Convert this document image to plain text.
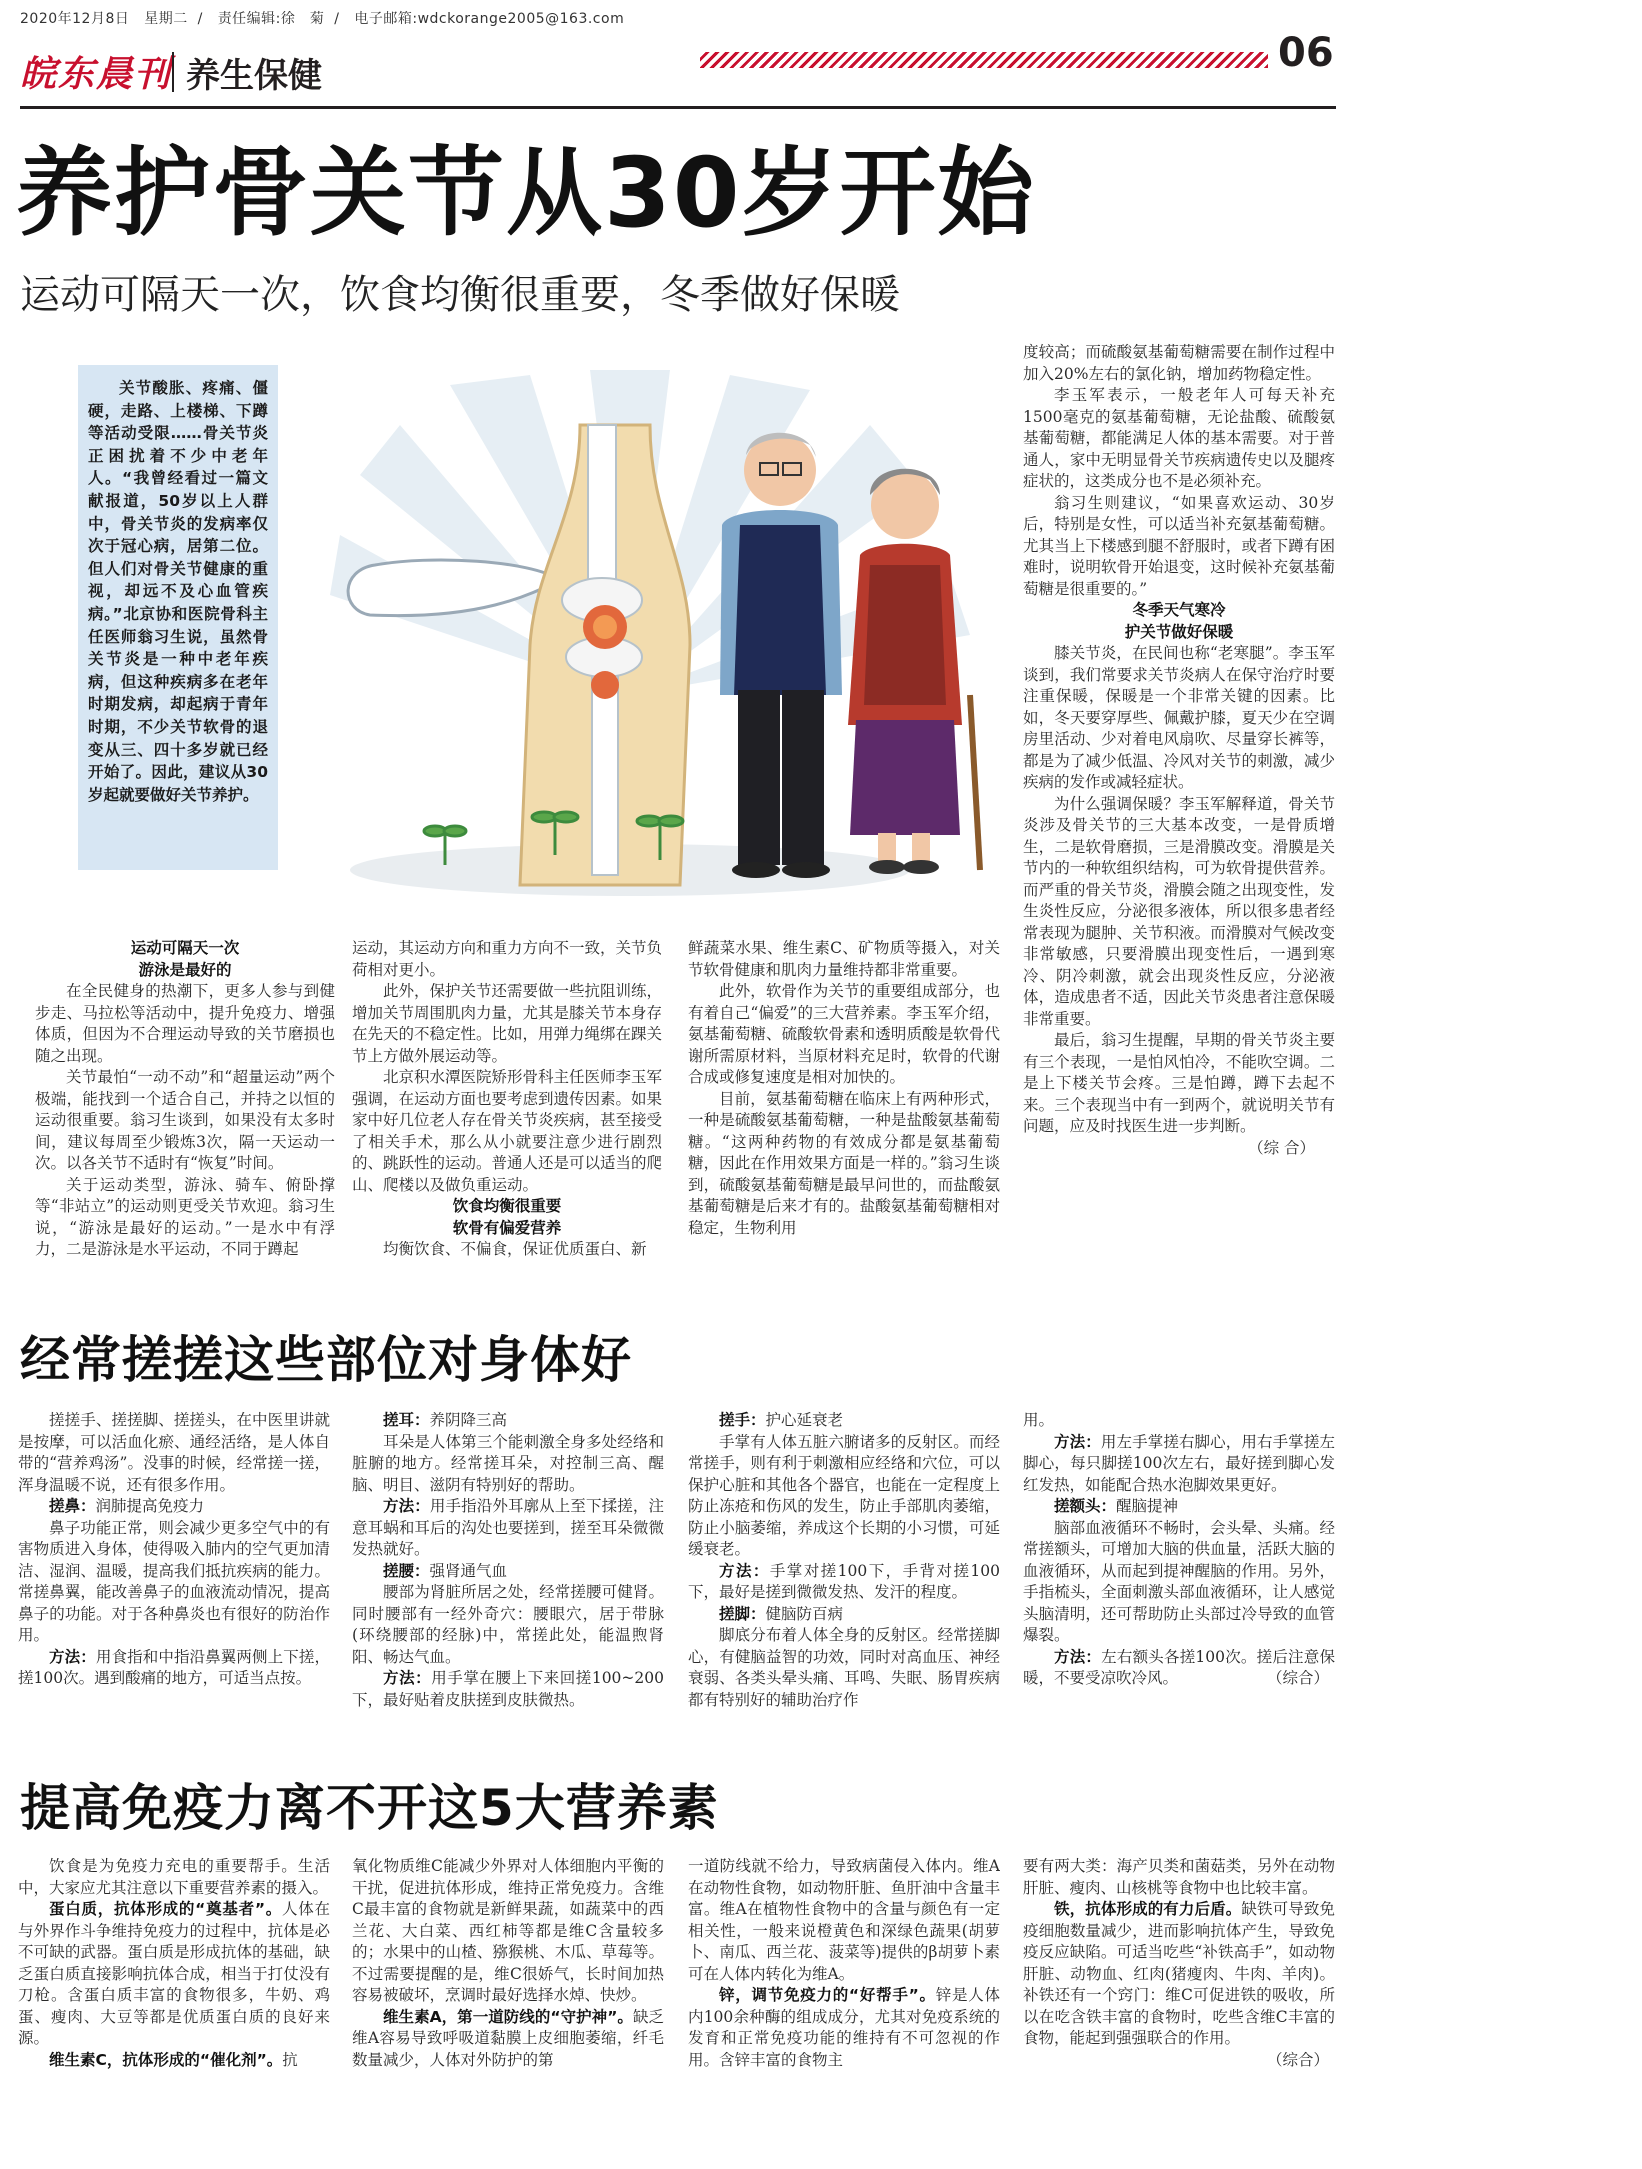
2020年12月8日 星期二  /   责任编辑:徐　菊  /   电子邮箱:wdckorange2005@163.com
皖东晨刊 养生保健	06
养护骨关节从30岁开始
运动可隔天一次，饮食均衡很重要，冬季做好保暖

关节酸胀、疼痛、僵硬，走路、上楼梯、下蹲等活动受限……骨关节炎正困扰着不少中老年人。“我曾经看过一篇文献报道，50岁以上人群中，骨关节炎的发病率仅次于冠心病，居第二位。但人们对骨关节健康的重视，却远不及心血管疾病。”北京协和医院骨科主任医师翁习生说，虽然骨关节炎是一种中老年疾病，但这种疾病多在老年时期发病，却起病于青年时期，不少关节软骨的退变从三、四十多岁就已经开始了。因此，建议从30岁起就要做好关节养护。

运动可隔天一次
游泳是最好的

在全民健身的热潮下，更多人参与到健步走、马拉松等活动中，提升免疫力、增强体质，但因为不合理运动导致的关节磨损也随之出现。

关节最怕“一动不动”和“超量运动”两个极端，能找到一个适合自己，并持之以恒的运动很重要。翁习生谈到，如果没有太多时间，建议每周至少锻炼3次，隔一天运动一次。以各关节不适时有“恢复”时间。

关于运动类型，游泳、骑车、俯卧撑等“非站立”的运动则更受关节欢迎。翁习生说，“游泳是最好的运动。”一是水中有浮力，二是游泳是水平运动，不同于蹲起

运动，其运动方向和重力方向不一致，关节负荷相对更小。

此外，保护关节还需要做一些抗阻训练，增加关节周围肌肉力量，尤其是膝关节本身存在先天的不稳定性。比如，用弹力绳绑在踝关节上方做外展运动等。

北京积水潭医院矫形骨科主任医师李玉军强调，在运动方面也要考虑到遗传因素。如果家中好几位老人存在骨关节炎疾病，甚至接受了相关手术，那么从小就要注意少进行剧烈的、跳跃性的运动。普通人还是可以适当的爬山、爬楼以及做负重运动。

饮食均衡很重要
软骨有偏爱营养

均衡饮食、不偏食，保证优质蛋白、新

鲜蔬菜水果、维生素C、矿物质等摄入，对关节软骨健康和肌肉力量维持都非常重要。

此外，软骨作为关节的重要组成部分，也有着自己“偏爱”的三大营养素。李玉军介绍，氨基葡萄糖、硫酸软骨素和透明质酸是软骨代谢所需原材料，当原材料充足时，软骨的代谢合成或修复速度是相对加快的。

目前，氨基葡萄糖在临床上有两种形式，一种是硫酸氨基葡萄糖，一种是盐酸氨基葡萄糖。“这两种药物的有效成分都是氨基葡萄糖，因此在作用效果方面是一样的。”翁习生谈到，硫酸氨基葡萄糖是最早问世的，而盐酸氨基葡萄糖是后来才有的。盐酸氨基葡萄糖相对稳定，生物利用

度较高；而硫酸氨基葡萄糖需要在制作过程中加入20%左右的氯化钠，增加药物稳定性。

李玉军表示，一般老年人可每天补充1500毫克的氨基葡萄糖，无论盐酸、硫酸氨基葡萄糖，都能满足人体的基本需要。对于普通人，家中无明显骨关节疾病遗传史以及腿疼症状的，这类成分也不是必须补充。

翁习生则建议，“如果喜欢运动、30岁后，特别是女性，可以适当补充氨基葡萄糖。尤其当上下楼感到腿不舒服时，或者下蹲有困难时，说明软骨开始退变，这时候补充氨基葡萄糖是很重要的。”

冬季天气寒冷
护关节做好保暖

膝关节炎，在民间也称“老寒腿”。李玉军谈到，我们常要求关节炎病人在保守治疗时要注重保暖，保暖是一个非常关键的因素。比如，冬天要穿厚些、佩戴护膝，夏天少在空调房里活动、少对着电风扇吹、尽量穿长裤等，都是为了减少低温、冷风对关节的刺激，减少疾病的发作或减轻症状。

为什么强调保暖？李玉军解释道，骨关节炎涉及骨关节的三大基本改变，一是骨质增生，二是软骨磨损，三是滑膜改变。滑膜是关节内的一种软组织结构，可为软骨提供营养。而严重的骨关节炎，滑膜会随之出现变性，发生炎性反应，分泌很多液体，所以很多患者经常表现为腿肿、关节积液。而滑膜对气候改变非常敏感，只要滑膜出现变性后，一遇到寒冷、阴冷刺激，就会出现炎性反应，分泌液体，造成患者不适，因此关节炎患者注意保暖非常重要。

最后，翁习生提醒，早期的骨关节炎主要有三个表现，一是怕风怕冷，不能吹空调。二是上下楼关节会疼。三是怕蹲，蹲下去起不来。三个表现当中有一到两个，就说明关节有问题，应及时找医生进一步判断。

（综 合）

经常搓搓这些部位对身体好

搓搓手、搓搓脚、搓搓头，在中医里讲就是按摩，可以活血化瘀、通经活络，是人体自带的“营养鸡汤”。没事的时候，经常搓一搓，浑身温暖不说，还有很多作用。

搓鼻：润肺提高免疫力

鼻子功能正常，则会减少更多空气中的有害物质进入身体，使得吸入肺内的空气更加清洁、湿润、温暖，提高我们抵抗疾病的能力。常搓鼻翼，能改善鼻子的血液流动情况，提高鼻子的功能。对于各种鼻炎也有很好的防治作用。

方法：用食指和中指沿鼻翼两侧上下搓，搓100次。遇到酸痛的地方，可适当点按。

搓耳：养阴降三高

耳朵是人体第三个能刺激全身多处经络和脏腑的地方。经常搓耳朵，对控制三高、醒脑、明目、滋阴有特别好的帮助。

方法：用手指沿外耳廓从上至下揉搓，注意耳蜗和耳后的沟处也要搓到，搓至耳朵微微发热就好。

搓腰：强肾通气血

腰部为肾脏所居之处，经常搓腰可健肾。同时腰部有一经外奇穴：腰眼穴，居于带脉(环绕腰部的经脉)中，常搓此处，能温煦肾阳、畅达气血。

方法：用手掌在腰上下来回搓100~200下，最好贴着皮肤搓到皮肤微热。

搓手：护心延衰老

手掌有人体五脏六腑诸多的反射区。而经常搓手，则有利于刺激相应经络和穴位，可以保护心脏和其他各个器官，也能在一定程度上防止冻疮和伤风的发生，防止手部肌肉萎缩，防止小脑萎缩，养成这个长期的小习惯，可延缓衰老。

方法：手掌对搓100下，手背对搓100下，最好是搓到微微发热、发汗的程度。

搓脚：健脑防百病

脚底分布着人体全身的反射区。经常搓脚心，有健脑益智的功效，同时对高血压、神经衰弱、各类头晕头痛、耳鸣、失眠、肠胃疾病都有特别好的辅助治疗作

用。

方法：用左手掌搓右脚心，用右手掌搓左脚心，每只脚搓100次左右，最好搓到脚心发红发热，如能配合热水泡脚效果更好。

搓额头：醒脑提神

脑部血液循环不畅时，会头晕、头痛。经常搓额头，可增加大脑的供血量，活跃大脑的血液循环，从而起到提神醒脑的作用。另外，手指梳头，全面刺激头部血液循环，让人感觉头脑清明，还可帮助防止头部过冷导致的血管爆裂。

方法：左右额头各搓100次。搓后注意保暖，不要受凉吹冷风。	（综合）

提高免疫力离不开这5大营养素

饮食是为免疫力充电的重要帮手。生活中，大家应尤其注意以下重要营养素的摄入。

蛋白质，抗体形成的“奠基者”。人体在与外界作斗争维持免疫力的过程中，抗体是必不可缺的武器。蛋白质是形成抗体的基础，缺乏蛋白质直接影响抗体合成，相当于打仗没有刀枪。含蛋白质丰富的食物很多，牛奶、鸡蛋、瘦肉、大豆等都是优质蛋白质的良好来源。

维生素C，抗体形成的“催化剂”。抗

氧化物质维C能减少外界对人体细胞内平衡的干扰，促进抗体形成，维持正常免疫力。含维C最丰富的食物就是新鲜果蔬，如蔬菜中的西兰花、大白菜、西红柿等都是维C含量较多的；水果中的山楂、猕猴桃、木瓜、草莓等。不过需要提醒的是，维C很娇气，长时间加热容易被破坏，烹调时最好选择水焯、快炒。

维生素A，第一道防线的“守护神”。缺乏维A容易导致呼吸道黏膜上皮细胞萎缩，纤毛数量减少，人体对外防护的第

一道防线就不给力，导致病菌侵入体内。维A在动物性食物，如动物肝脏、鱼肝油中含量丰富。维A在植物性食物中的含量与颜色有一定相关性，一般来说橙黄色和深绿色蔬果(胡萝卜、南瓜、西兰花、菠菜等)提供的β胡萝卜素可在人体内转化为维A。

锌，调节免疫力的“好帮手”。锌是人体内100余种酶的组成成分，尤其对免疫系统的发育和正常免疫功能的维持有不可忽视的作用。含锌丰富的食物主

要有两大类：海产贝类和菌菇类，另外在动物肝脏、瘦肉、山核桃等食物中也比较丰富。

铁，抗体形成的有力后盾。缺铁可导致免疫细胞数量减少，进而影响抗体产生，导致免疫反应缺陷。可适当吃些“补铁高手”，如动物肝脏、动物血、红肉(猪瘦肉、牛肉、羊肉)。补铁还有一个窍门：维C可促进铁的吸收，所以在吃含铁丰富的食物时，吃些含维C丰富的食物，能起到强强联合的作用。
（综合）
